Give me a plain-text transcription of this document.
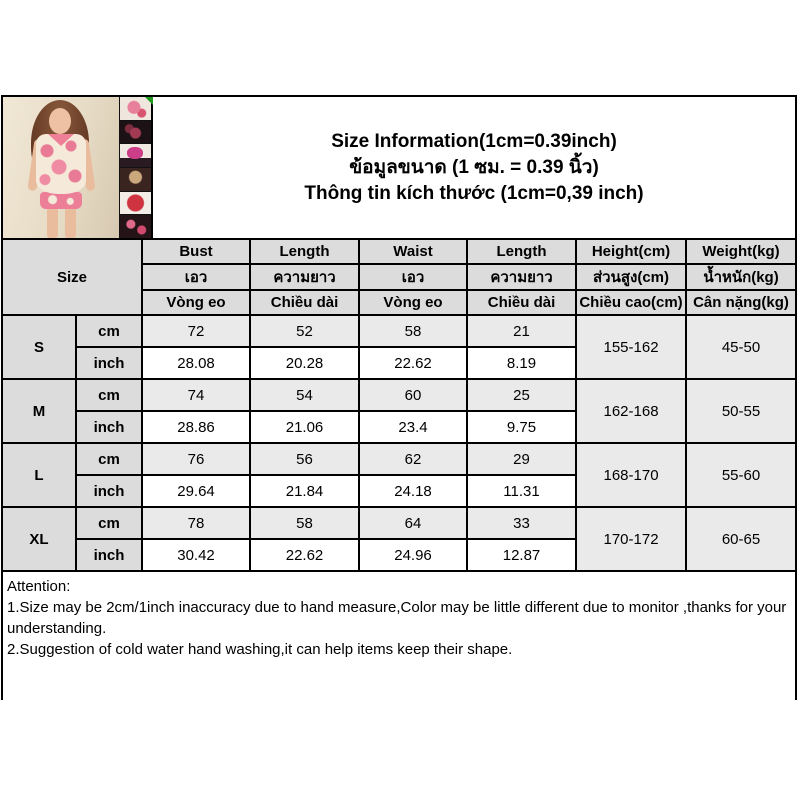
Size Information(1cm=0.39inch)
ข้อมูลขนาด (1 ซม. = 0.39 นิ้ว)
Thông tin kích thước (1cm=0,39 inch)
Size		Bust	Length	Waist	Length	Height(cm)	Weight(kg)
		เอว	ความยาว	เอว	ความยาว	ส่วนสูง(cm)	น้ำหนัก(kg)
		Vòng eo	Chiều dài	Vòng eo	Chiều dài	Chiều cao(cm)	Cân nặng(kg)
S	cm	72	52	58	21	155-162	45-50
	inch	28.08	20.28	22.62	8.19		
M	cm	74	54	60	25	162-168	50-55
	inch	28.86	21.06	23.4	9.75		
L	cm	76	56	62	29	168-170	55-60
	inch	29.64	21.84	24.18	11.31		
XL	cm	78	58	64	33	170-172	60-65
	inch	30.42	22.62	24.96	12.87		
Attention:
1.Size may be 2cm/1inch inaccuracy due to hand measure,Color may be little different due to monitor ,thanks for your understanding.
2.Suggestion of cold water hand washing,it can help items keep their shape.
